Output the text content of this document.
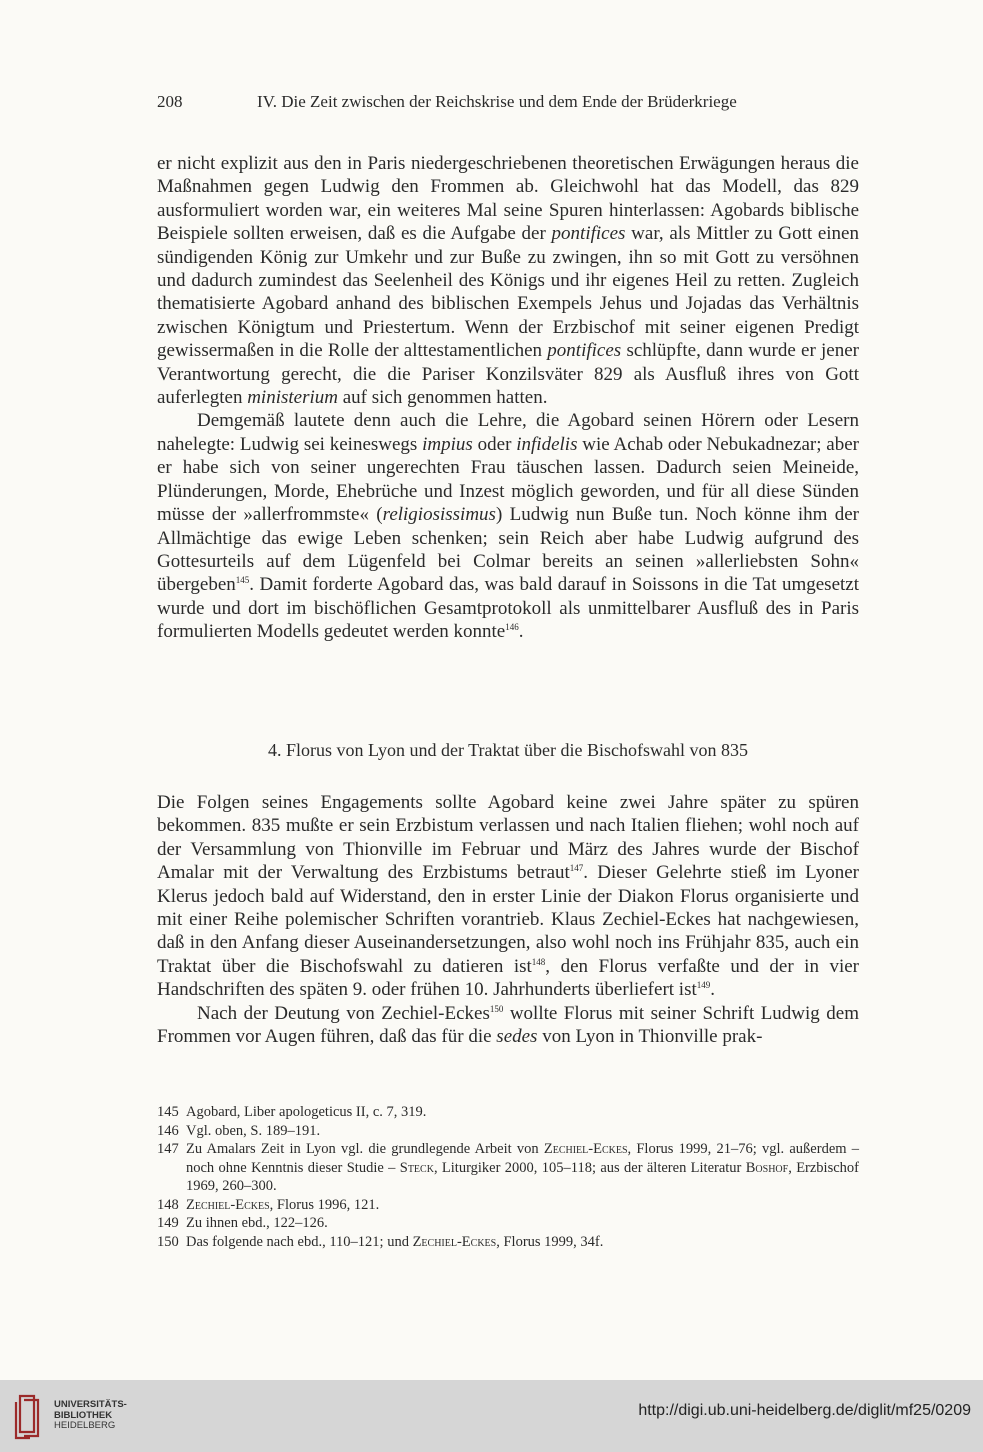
208	IV. Die Zeit zwischen der Reichskrise und dem Ende der Brüderkriege

er nicht explizit aus den in Paris niedergeschriebenen theoretischen Erwägungen heraus die Maßnahmen gegen Ludwig den Frommen ab. Gleichwohl hat das Modell, das 829 ausformuliert worden war, ein weiteres Mal seine Spuren hinterlassen: Agobards biblische Beispiele sollten erweisen, daß es die Aufgabe der pontifices war, als Mittler zu Gott einen sündigenden König zur Umkehr und zur Buße zu zwingen, ihn so mit Gott zu versöhnen und dadurch zumindest das Seelenheil des Königs und ihr eigenes Heil zu retten. Zugleich thematisierte Agobard anhand des biblischen Exempels Jehus und Jojadas das Verhältnis zwischen Königtum und Priestertum. Wenn der Erzbischof mit seiner eigenen Predigt gewissermaßen in die Rolle der alttestamentlichen pontifices schlüpfte, dann wurde er jener Verantwortung gerecht, die die Pariser Konzilsväter 829 als Ausfluß ihres von Gott auferlegten ministerium auf sich genommen hatten.

Demgemäß lautete denn auch die Lehre, die Agobard seinen Hörern oder Lesern nahelegte: Ludwig sei keineswegs impius oder infidelis wie Achab oder Nebukadnezar; aber er habe sich von seiner ungerechten Frau täuschen lassen. Dadurch seien Meineide, Plünderungen, Morde, Ehebrüche und Inzest möglich geworden, und für all diese Sünden müsse der »allerfrommste« (religiosissimus) Ludwig nun Buße tun. Noch könne ihm der Allmächtige das ewige Leben schenken; sein Reich aber habe Ludwig aufgrund des Gottesurteils auf dem Lügenfeld bei Colmar bereits an seinen »allerliebsten Sohn« übergeben$^{145}$. Damit forderte Agobard das, was bald darauf in Soissons in die Tat umgesetzt wurde und dort im bischöflichen Gesamtprotokoll als unmittelbarer Ausfluß des in Paris formulierten Modells gedeutet werden konnte$^{146}$.

4. Florus von Lyon und der Traktat über die Bischofswahl von 835

Die Folgen seines Engagements sollte Agobard keine zwei Jahre später zu spüren bekommen. 835 mußte er sein Erzbistum verlassen und nach Italien fliehen; wohl noch auf der Versammlung von Thionville im Februar und März des Jahres wurde der Bischof Amalar mit der Verwaltung des Erzbistums betraut$^{147}$. Dieser Gelehrte stieß im Lyoner Klerus jedoch bald auf Widerstand, den in erster Linie der Diakon Florus organisierte und mit einer Reihe polemischer Schriften vorantrieb. Klaus Zechiel-Eckes hat nachgewiesen, daß in den Anfang dieser Auseinandersetzungen, also wohl noch ins Frühjahr 835, auch ein Traktat über die Bischofswahl zu datieren ist$^{148}$, den Florus verfaßte und der in vier Handschriften des späten 9. oder frühen 10. Jahrhunderts überliefert ist$^{149}$.

Nach der Deutung von Zechiel-Eckes$^{150}$ wollte Florus mit seiner Schrift Ludwig dem Frommen vor Augen führen, daß das für die sedes von Lyon in Thionville prak-

145 Agobard, Liber apologeticus II, c. 7, 319.
146 Vgl. oben, S. 189–191.
147 Zu Amalars Zeit in Lyon vgl. die grundlegende Arbeit von Zechiel-Eckes, Florus 1999, 21–76; vgl. außerdem – noch ohne Kenntnis dieser Studie – Steck, Liturgiker 2000, 105–118; aus der älteren Literatur Boshof, Erzbischof 1969, 260–300.
148 Zechiel-Eckes, Florus 1996, 121.
149 Zu ihnen ebd., 122–126.
150 Das folgende nach ebd., 110–121; und Zechiel-Eckes, Florus 1999, 34f.
UNIVERSITÄTS-
BIBLIOTHEK
HEIDELBERG
http://digi.ub.uni-heidelberg.de/diglit/mf25/0209
